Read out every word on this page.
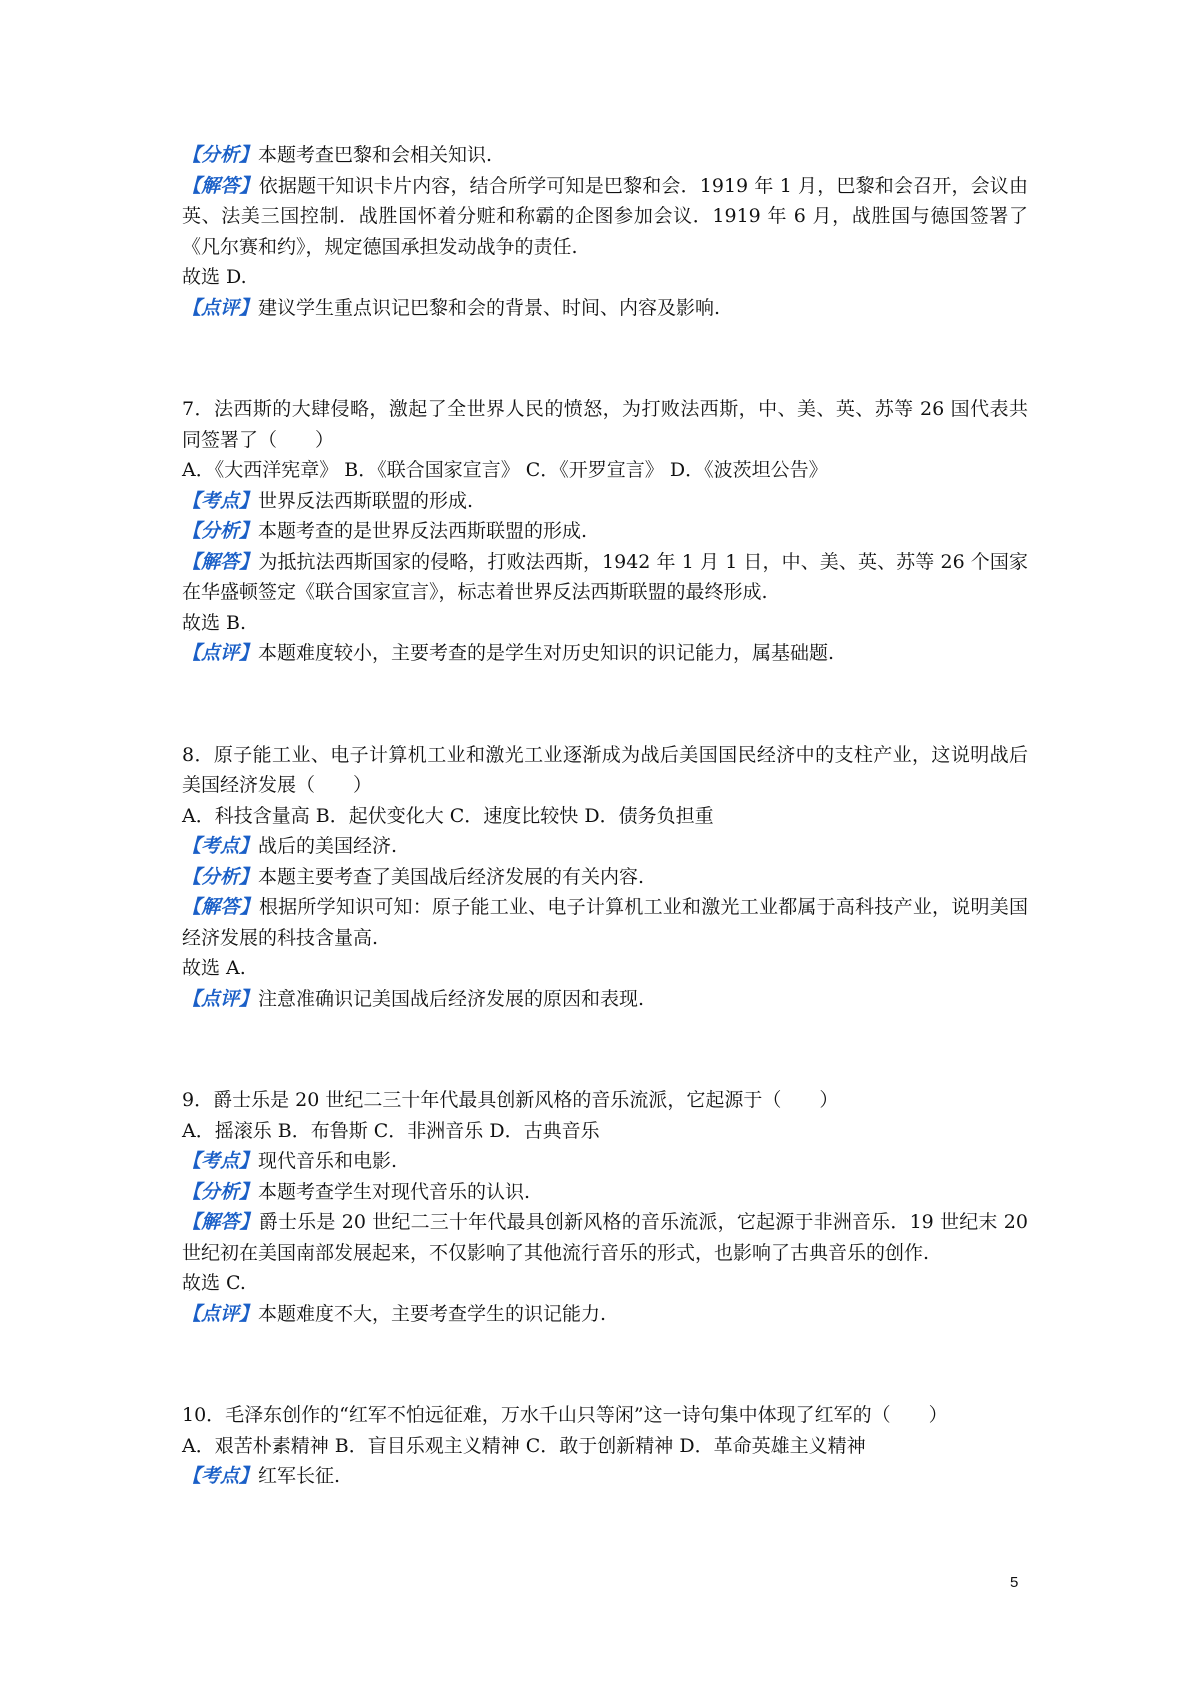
【分析】本题考查巴黎和会相关知识.
【解答】依据题干知识卡片内容，结合所学可知是巴黎和会．1919 年 1 月，巴黎和会召开，会议由英、法美三国控制．战胜国怀着分赃和称霸的企图参加会议．1919 年 6 月，战胜国与德国签署了《凡尔赛和约》，规定德国承担发动战争的责任.
故选 D.
【点评】建议学生重点识记巴黎和会的背景、时间、内容及影响.
7．法西斯的大肆侵略，激起了全世界人民的愤怒，为打败法西斯，中、美、英、苏等 26 国代表共同签署了（　　）
A．《大西洋宪章》 B．《联合国家宣言》 C．《开罗宣言》 D．《波茨坦公告》
【考点】世界反法西斯联盟的形成.
【分析】本题考查的是世界反法西斯联盟的形成.
【解答】为抵抗法西斯国家的侵略，打败法西斯，1942 年 1 月 1 日，中、美、英、苏等 26 个国家在华盛顿签定《联合国家宣言》，标志着世界反法西斯联盟的最终形成.
故选 B.
【点评】本题难度较小，主要考查的是学生对历史知识的识记能力，属基础题.
8．原子能工业、电子计算机工业和激光工业逐渐成为战后美国国民经济中的支柱产业，这说明战后美国经济发展（　　）
A．科技含量高 B．起伏变化大 C．速度比较快 D．债务负担重
【考点】战后的美国经济.
【分析】本题主要考查了美国战后经济发展的有关内容.
【解答】根据所学知识可知：原子能工业、电子计算机工业和激光工业都属于高科技产业，说明美国经济发展的科技含量高.
故选 A.
【点评】注意准确识记美国战后经济发展的原因和表现.
9．爵士乐是 20 世纪二三十年代最具创新风格的音乐流派，它起源于（　　）
A．摇滚乐 B．布鲁斯 C．非洲音乐 D．古典音乐
【考点】现代音乐和电影.
【分析】本题考查学生对现代音乐的认识.
【解答】爵士乐是 20 世纪二三十年代最具创新风格的音乐流派，它起源于非洲音乐．19 世纪末 20 世纪初在美国南部发展起来，不仅影响了其他流行音乐的形式，也影响了古典音乐的创作.
故选 C.
【点评】本题难度不大，主要考查学生的识记能力.
10．毛泽东创作的“红军不怕远征难，万水千山只等闲”这一诗句集中体现了红军的（　　）
A．艰苦朴素精神 B．盲目乐观主义精神 C．敢于创新精神 D．革命英雄主义精神
【考点】红军长征.
5
